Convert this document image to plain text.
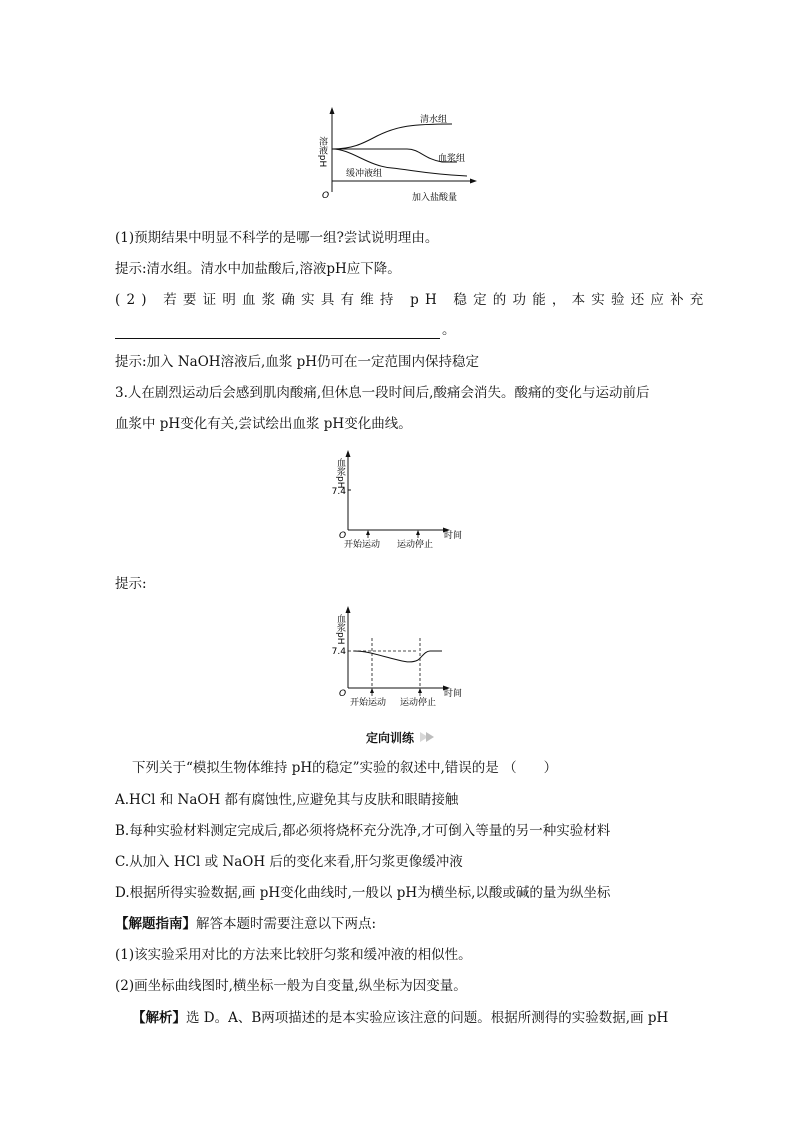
溶液pH
O
清水组
血浆组
缓冲液组
加入盐酸量
(1)预期结果中明显不科学的是哪一组?尝试说明理由。
提示:清水组。清水中加盐酸后,溶液pH应下降。
(2) 若要证明血浆确实具有维持 pH 稳定的功能，本实验还应补充
。
提示:加入 NaOH溶液后,血浆 pH仍可在一定范围内保持稳定
3.人在剧烈运动后会感到肌肉酸痛,但休息一段时间后,酸痛会消失。酸痛的变化与运动前后
血浆中 pH变化有关,尝试绘出血浆 pH变化曲线。
血浆pH
7.4
O	时间
开始运动 运动停止
提示:
血浆pH
7.4
O	时间
开始运动 运动停止
定向训练
下列关于“模拟生物体维持 pH的稳定”实验的叙述中,错误的是 （　　）
A.HCl 和 NaOH 都有腐蚀性,应避免其与皮肤和眼睛接触
B.每种实验材料测定完成后,都必须将烧杯充分洗净,才可倒入等量的另一种实验材料
C.从加入 HCl 或 NaOH 后的变化来看,肝匀浆更像缓冲液
D.根据所得实验数据,画 pH变化曲线时,一般以 pH为横坐标,以酸或碱的量为纵坐标
【解题指南】解答本题时需要注意以下两点:
(1)该实验采用对比的方法来比较肝匀浆和缓冲液的相似性。
(2)画坐标曲线图时,横坐标一般为自变量,纵坐标为因变量。
【解析】选 D。A、B两项描述的是本实验应该注意的问题。根据所测得的实验数据,画 pH
